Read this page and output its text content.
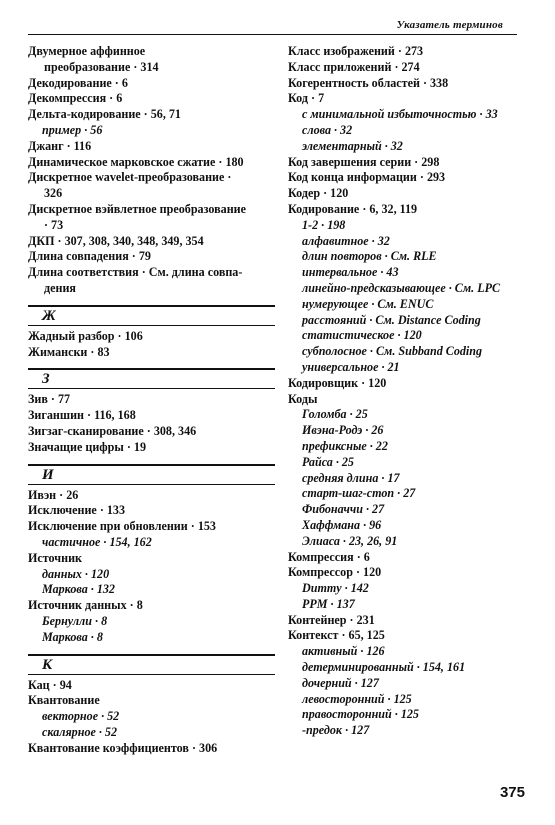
Указатель терминов
Двумерное аффинное
преобразование · 314
Декодирование · 6
Декомпрессия · 6
Дельта-кодирование · 56, 71
пример · 56
Джанг · 116
Динамическое марковское сжатие · 180
Дискретное wavelet-преобразование ·
326
Дискретное вэйвлетное преобразование
· 73
ДКП · 307, 308, 340, 348, 349, 354
Длина совпадения · 79
Длина соответствия · См. длина совпа-
дения
Ж
Жадный разбор · 106
Жимански · 83
З
Зив · 77
Зиганшин · 116, 168
Зигзаг-сканирование · 308, 346
Значащие цифры · 19
И
Ивэн · 26
Исключение · 133
Исключение при обновлении · 153
частичное · 154, 162
Источник
данных · 120
Маркова · 132
Источник данных · 8
Бернулли · 8
Маркова · 8
К
Кац · 94
Квантование
векторное · 52
скалярное · 52
Квантование коэффициентов · 306
Класс изображений · 273
Класс приложений · 274
Когерентность областей · 338
Код · 7
с минимальной избыточностью · 33
слова · 32
элементарный · 32
Код завершения серии · 298
Код конца информации · 293
Кодер · 120
Кодирование · 6, 32, 119
1-2 · 198
алфавитное · 32
длин повторов · См. RLE
интервальное · 43
линейно-предсказывающее · См. LPC
нумерующее · См. ENUC
расстояний · См. Distance Coding
статистическое · 120
субполосное · См. Subband Coding
универсальное · 21
Кодировщик · 120
Коды
Голомба · 25
Ивэна-Родэ · 26
префиксные · 22
Райса · 25
средняя длина · 17
старт-шаг-стоп · 27
Фибоначчи · 27
Хаффмана · 96
Элиаса · 23, 26, 91
Компрессия · 6
Компрессор · 120
Dummy · 142
PPM · 137
Контейнер · 231
Контекст · 65, 125
активный · 126
детерминированный · 154, 161
дочерний · 127
левосторонний · 125
правосторонний · 125
-предок · 127
375
